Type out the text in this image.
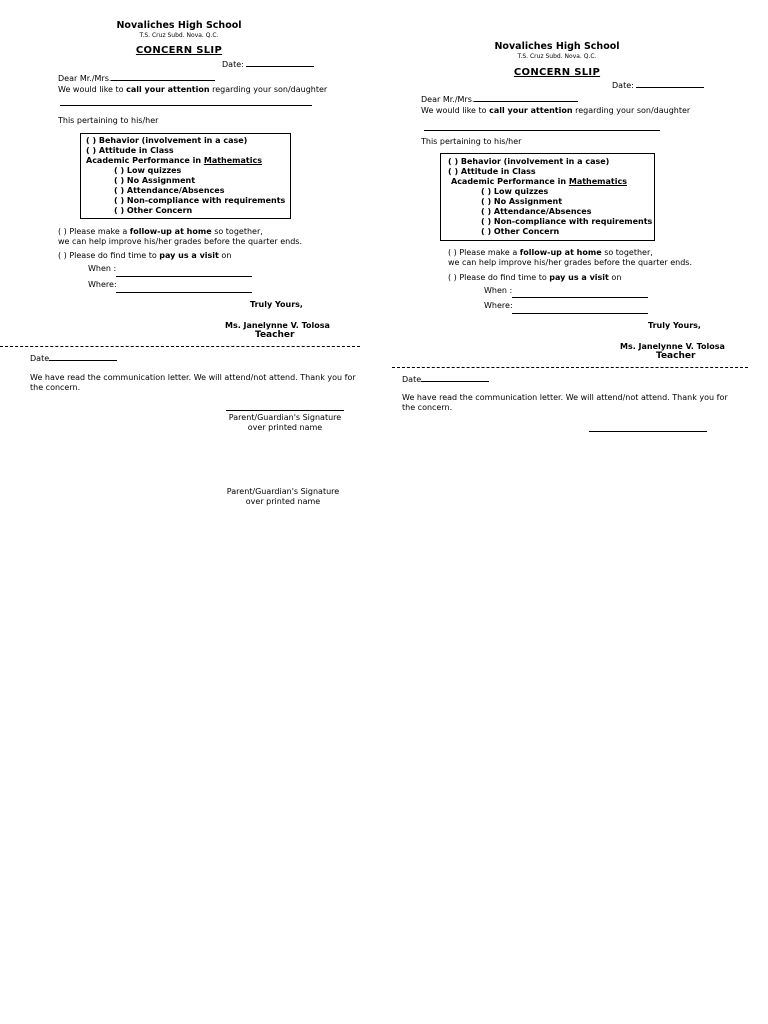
Novaliches High School
T.S. Cruz Subd. Nova. Q.C.
CONCERN SLIP
Date:
Dear Mr./Mrs.
We would like to call your attention regarding your son/daughter
This pertaining to his/her
( ) Behavior (involvement in a case)
( ) Attitude in Class
Academic Performance in Mathematics
( ) Low quizzes
( ) No Assignment
( ) Attendance/Absences
( ) Non-compliance with requirements
( ) Other Concern
( ) Please make a follow-up at home so together,
we can help improve his/her grades before the quarter ends.
( ) Please do find time to pay us a visit on
When :
Where:
Truly Yours,
Ms. Janelynne V. Tolosa
Teacher
Date
We have read the communication letter. We will attend/not attend. Thank you for
the concern.
Parent/Guardian's Signature
over printed name
Parent/Guardian's Signature
over printed name
Novaliches High School
T.S. Cruz Subd. Nova. Q.C.
CONCERN SLIP
Date:
Dear Mr./Mrs.
We would like to call your attention regarding your son/daughter
This pertaining to his/her
( ) Behavior (involvement in a case)
( ) Attitude in Class
Academic Performance in Mathematics
( ) Low quizzes
( ) No Assignment
( ) Attendance/Absences
( ) Non-compliance with requirements
( ) Other Concern
( ) Please make a follow-up at home so together,
we can help improve his/her grades before the quarter ends.
( ) Please do find time to pay us a visit on
When :
Where:
Truly Yours,
Ms. Janelynne V. Tolosa
Teacher
Date
We have read the communication letter. We will attend/not attend. Thank you for
the concern.
